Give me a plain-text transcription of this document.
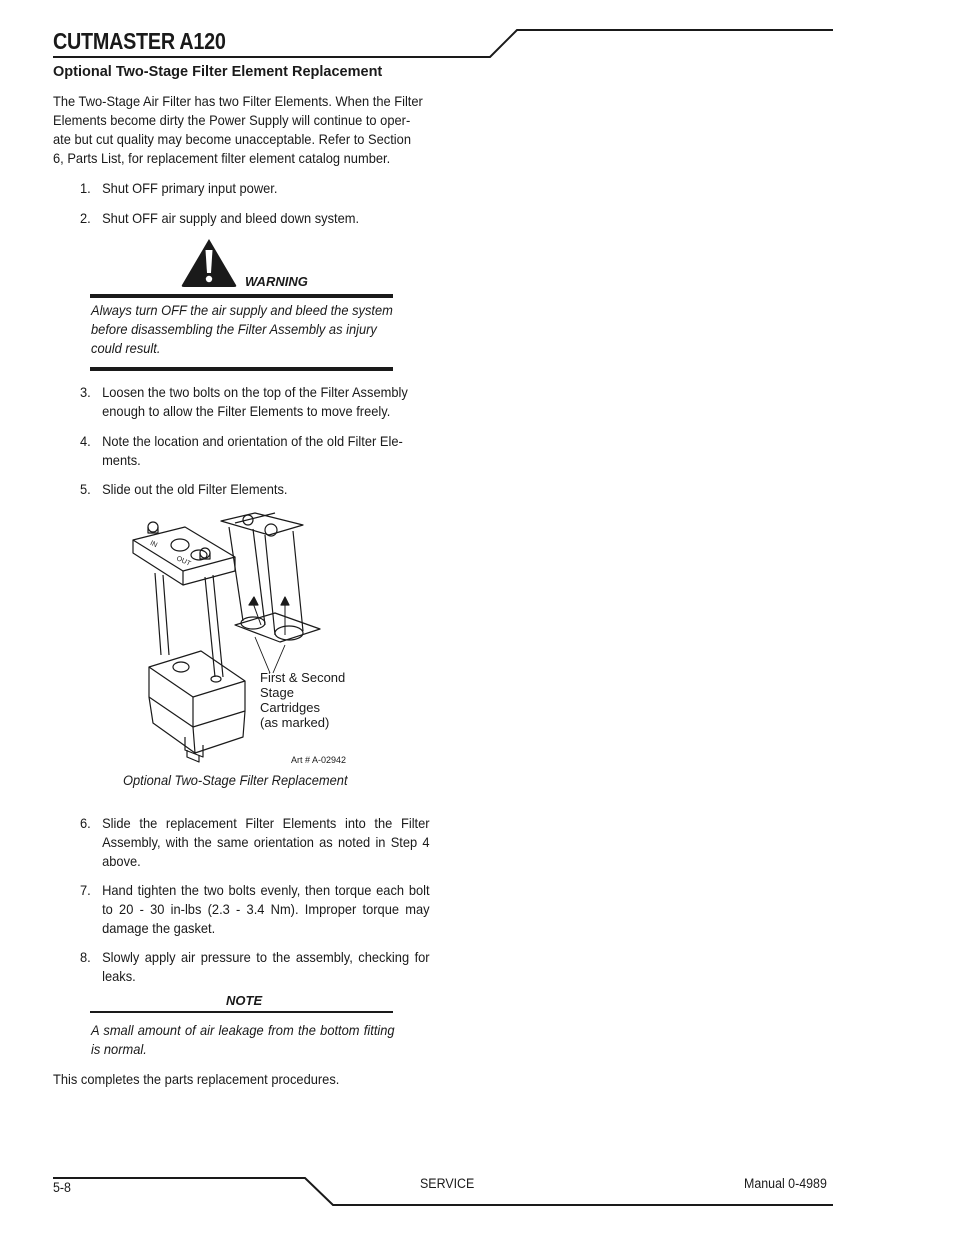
CUTMASTER A120
Optional Two-Stage Filter Element Replacement
The Two-Stage Air Filter has two Filter Elements. When the Filter
Elements become dirty the Power Supply will continue to oper-
ate but cut quality may become unacceptable. Refer to Section
6, Parts List, for replacement filter element catalog number.
1. Shut OFF primary input power.
2. Shut OFF air supply and bleed down system.
WARNING
Always turn OFF the air supply and bleed the system
before disassembling the Filter Assembly as injury
could result.
3. Loosen the two bolts on the top of the Filter Assembly
enough to allow the Filter Elements to move freely.
4. Note the location and orientation of the old Filter Ele-
ments.
5. Slide out the old Filter Elements.
IN
OUT
First & Second
Stage
Cartridges
(as marked)
Art # A-02942
Optional Two-Stage Filter Replacement
6. Slide the replacement Filter Elements into the Filter Assembly, with the same orientation as noted in Step 4 above.
7. Hand tighten the two bolts evenly, then torque each bolt to 20 - 30 in-lbs (2.3 - 3.4 Nm). Improper torque may damage the gasket.
8. Slowly apply air pressure to the assembly, checking for leaks.
NOTE
A small amount of air leakage from the bottom fitting is normal.
This completes the parts replacement procedures.
5-8	SERVICE	Manual 0-4989
